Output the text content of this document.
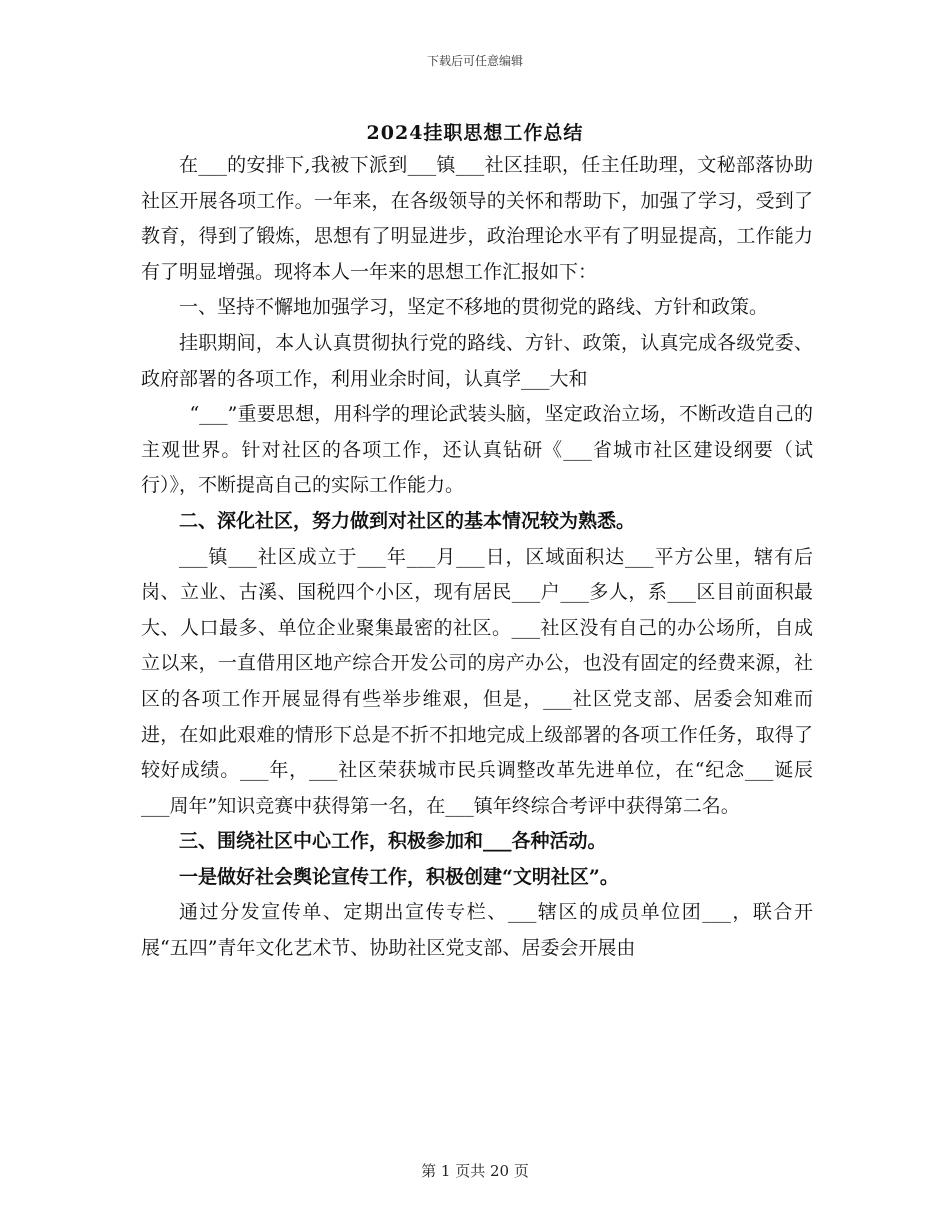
下载后可任意编辑
2024挂职思想工作总结

在___的安排下,我被下派到___镇___社区挂职，任主任助理，文秘部落协助社区开展各项工作。一年来，在各级领导的关怀和帮助下，加强了学习，受到了教育，得到了锻炼，思想有了明显进步，政治理论水平有了明显提高，工作能力有了明显增强。现将本人一年来的思想工作汇报如下：

一、坚持不懈地加强学习，坚定不移地的贯彻党的路线、方针和政策。

挂职期间，本人认真贯彻执行党的路线、方针、政策，认真完成各级党委、政府部署的各项工作，利用业余时间，认真学___大和

“___”重要思想，用科学的理论武装头脑，坚定政治立场，不断改造自己的主观世界。针对社区的各项工作，还认真钻研《___省城市社区建设纲要（试行）》，不断提高自己的实际工作能力。

二、深化社区，努力做到对社区的基本情况较为熟悉。

___镇___社区成立于___年___月___日，区域面积达___平方公里，辖有后岗、立业、古溪、国税四个小区，现有居民___户___多人，系___区目前面积最大、人口最多、单位企业聚集最密的社区。___社区没有自己的办公场所，自成立以来，一直借用区地产综合开发公司的房产办公，也没有固定的经费来源，社区的各项工作开展显得有些举步维艰，但是，___社区党支部、居委会知难而进，在如此艰难的情形下总是不折不扣地完成上级部署的各项工作任务，取得了较好成绩。___年，___社区荣获城市民兵调整改革先进单位，在“纪念___诞辰___周年”知识竞赛中获得第一名，在___镇年终综合考评中获得第二名。

三、围绕社区中心工作，积极参加和___各种活动。

一是做好社会舆论宣传工作，积极创建“文明社区”。

通过分发宣传单、定期出宣传专栏、___辖区的成员单位团___，联合开展“五四”青年文化艺术节、协助社区党支部、居委会开展由

第 1 页共 20 页
